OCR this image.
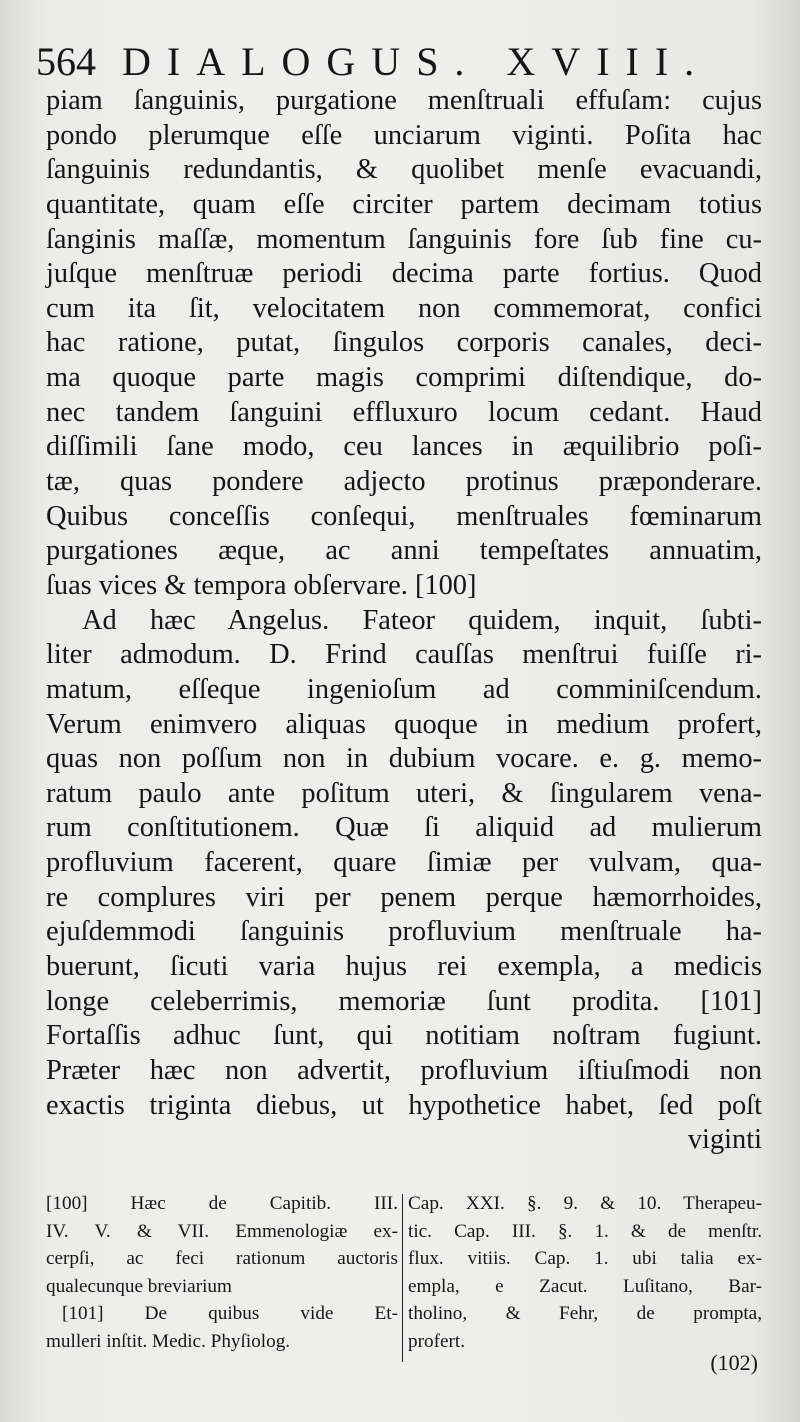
564 DIALOGUS. XVIII.
piam ſanguinis, purgatione menſtruali effuſam: cujus
pondo plerumque eſſe unciarum viginti. Poſita hac
ſanguinis redundantis, & quolibet menſe evacuandi,
quantitate, quam eſſe circiter partem decimam totius
ſanginis maſſæ, momentum ſanguinis fore ſub fine cu-
juſque menſtruæ periodi decima parte fortius. Quod
cum ita ſit, velocitatem non commemorat, confici
hac ratione, putat, ſingulos corporis canales, deci-
ma quoque parte magis comprimi diſtendique, do-
nec tandem ſanguini effluxuro locum cedant. Haud
diſſimili ſane modo, ceu lances in æquilibrio poſi-
tæ, quas pondere adjecto protinus præponderare.
Quibus conceſſis conſequi, menſtruales fœminarum
purgationes æque, ac anni tempeſtates annuatim,
ſuas vices & tempora obſervare. [100]
Ad hæc Angelus. Fateor quidem, inquit, ſubti-
liter admodum. D. Frind cauſſas menſtrui fuiſſe ri-
matum, eſſeque ingenioſum ad comminiſcendum.
Verum enimvero aliquas quoque in medium profert,
quas non poſſum non in dubium vocare. e. g. memo-
ratum paulo ante poſitum uteri, & ſingularem vena-
rum conſtitutionem. Quæ ſi aliquid ad mulierum
profluvium facerent, quare ſimiæ per vulvam, qua-
re complures viri per penem perque hæmorrhoides,
ejuſdemmodi ſanguinis profluvium menſtruale ha-
buerunt, ſicuti varia hujus rei exempla, a medicis
longe celeberrimis, memoriæ ſunt prodita. [101]
Fortaſſis adhuc ſunt, qui notitiam noſtram fugiunt.
Præter hæc non advertit, profluvium iſtiuſmodi non
exactis triginta diebus, ut hypothetice habet, ſed poſt
viginti
[100] Hæc de Capitib. III.
IV. V. & VII. Emmenologiæ ex-
cerpſi, ac feci rationum auctoris
qualecunque breviarium
[101] De quibus vide Et-
mulleri inſtit. Medic. Phyſiolog.
Cap. XXI. §. 9. & 10. Therapeu-
tic. Cap. III. §. 1. & de menſtr.
flux. vitiis. Cap. 1. ubi talia ex-
empla, e Zacut. Luſitano, Bar-
tholino, & Fehr, de prompta,
profert.
(102)
